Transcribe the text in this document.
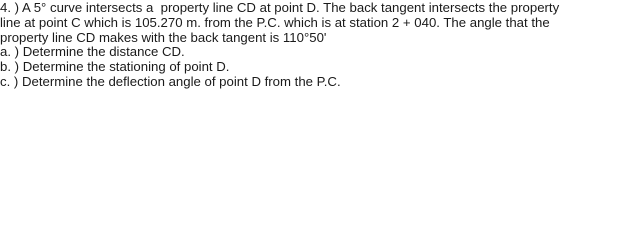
4. ) A 5° curve intersects a  property line CD at point D. The back tangent intersects the property
line at point C which is 105.270 m. from the P.C. which is at station 2 + 040. The angle that the
property line CD makes with the back tangent is 110°50'
a. ) Determine the distance CD.
b. ) Determine the stationing of point D.
c. ) Determine the deflection angle of point D from the P.C.
